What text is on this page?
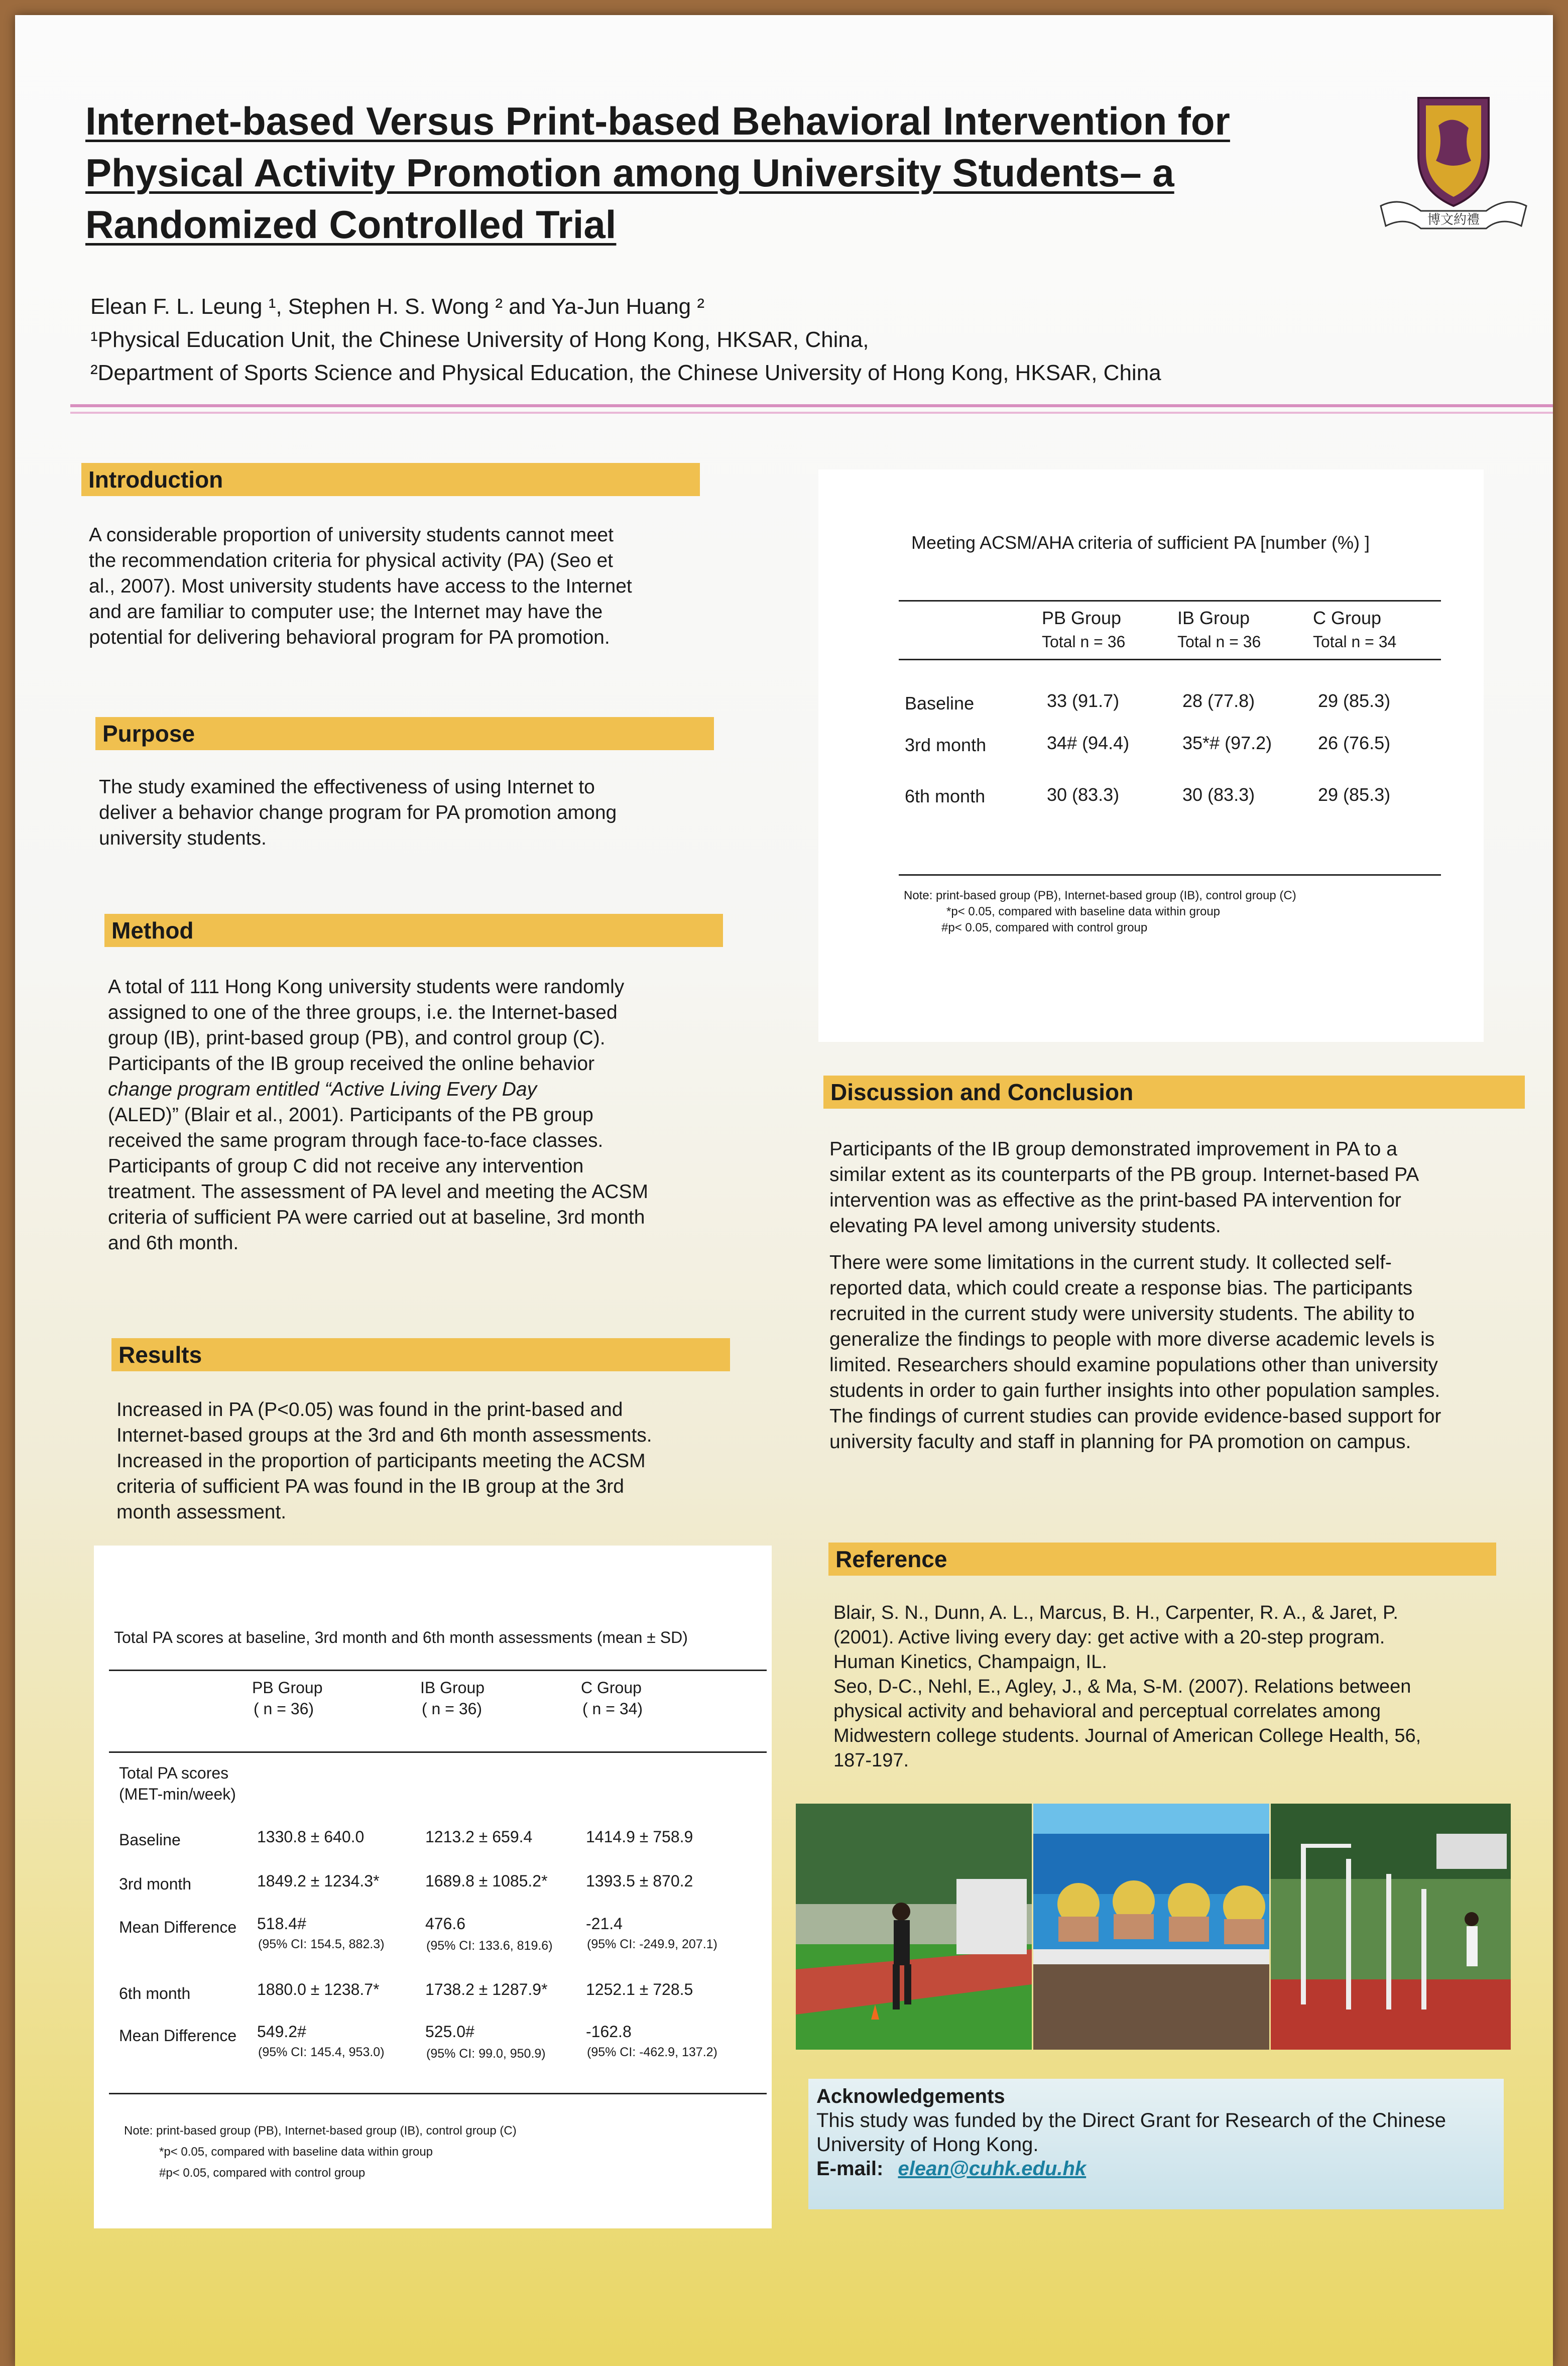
Internet-based Versus Print-based Behavioral Intervention for
Physical Activity Promotion among University Students– a
Randomized Controlled Trial	博文約禮
Elean F. L. Leung ¹, Stephen H. S. Wong ² and Ya-Jun Huang ²
¹Physical Education Unit, the Chinese University of Hong Kong, HKSAR, China,
²Department of Sports Science and Physical Education, the Chinese University of Hong Kong, HKSAR, China
Introduction
A considerable proportion of university students cannot meet
the recommendation criteria for physical activity (PA) (Seo et
al., 2007). Most university students have access to the Internet
and are familiar to computer use; the Internet may have the
potential for delivering behavioral program for PA promotion.
Purpose
The study examined the effectiveness of using Internet to
deliver a behavior change program for PA promotion among
university students.
Method
A total of 111 Hong Kong university students were randomly
assigned to one of the three groups, i.e. the Internet-based
group (IB), print-based group (PB), and control group (C).
Participants of the IB group received the online behavior
change program entitled “Active Living Every Day
(ALED)” (Blair et al., 2001). Participants of the PB group
received the same program through face-to-face classes.
Participants of group C did not receive any intervention
treatment. The assessment of PA level and meeting the ACSM
criteria of sufficient PA were carried out at baseline, 3rd month
and 6th month.
Results
Increased in PA (P<0.05) was found in the print-based and
Internet-based groups at the 3rd and 6th month assessments.
Increased in the proportion of participants meeting the ACSM
criteria of sufficient PA was found in the IB group at the 3rd
month assessment.
Meeting ACSM/AHA criteria of sufficient PA [number (%) ]
PB Group	IB Group	C Group
Total n = 36	Total n = 36	Total n = 34
Baseline	33 (91.7)	28 (77.8)	29 (85.3)
3rd month	34# (94.4)	35*# (97.2)	26 (76.5)
6th month	30 (83.3)	30 (83.3)	29 (85.3)
Note: print-based group (PB), Internet-based group (IB), control group (C)
*p< 0.05, compared with baseline data within group
#p< 0.05, compared with control group
Discussion and Conclusion
Participants of the IB group demonstrated improvement in PA to a
similar extent as its counterparts of the PB group. Internet-based PA
intervention was as effective as the print-based PA intervention for
elevating PA level among university students.
There were some limitations in the current study. It collected self-
reported data, which could create a response bias. The participants
recruited in the current study were university students. The ability to
generalize the findings to people with more diverse academic levels is
limited. Researchers should examine populations other than university
students in order to gain further insights into other population samples.
The findings of current studies can provide evidence-based support for
university faculty and staff in planning for PA promotion on campus.
Total PA scores at baseline, 3rd month and 6th month assessments (mean ± SD)
PB Group	IB Group	C Group
( n = 36)	( n = 36)	( n = 34)
Total PA scores
(MET-min/week)
Baseline	1330.8 ± 640.0	1213.2 ± 659.4	1414.9 ± 758.9
3rd month	1849.2 ± 1234.3*	1689.8 ± 1085.2* 1393.5 ± 870.2
Mean Difference 518.4#	476.6	-21.4
(95% CI: 154.5, 882.3)	(95% CI: 133.6, 819.6)	(95% CI: -249.9, 207.1)
6th month	1880.0 ± 1238.7*	1738.2 ± 1287.9* 1252.1 ± 728.5
Mean Difference 549.2#	525.0#	-162.8
(95% CI: 145.4, 953.0)	(95% CI: 99.0, 950.9)	(95% CI: -462.9, 137.2)
Note: print-based group (PB), Internet-based group (IB), control group (C)
*p< 0.05, compared with baseline data within group
#p< 0.05, compared with control group
Reference
Blair, S. N., Dunn, A. L., Marcus, B. H., Carpenter, R. A., & Jaret, P.
(2001). Active living every day: get active with a 20-step program.
Human Kinetics, Champaign, IL.
Seo, D-C., Nehl, E., Agley, J., & Ma, S-M. (2007). Relations between
physical activity and behavioral and perceptual correlates among
Midwestern college students. Journal of American College Health, 56,
187-197.
Acknowledgements
This study was funded by the Direct Grant for Research of the Chinese
University of Hong Kong.
E-mail: elean@cuhk.edu.hk
